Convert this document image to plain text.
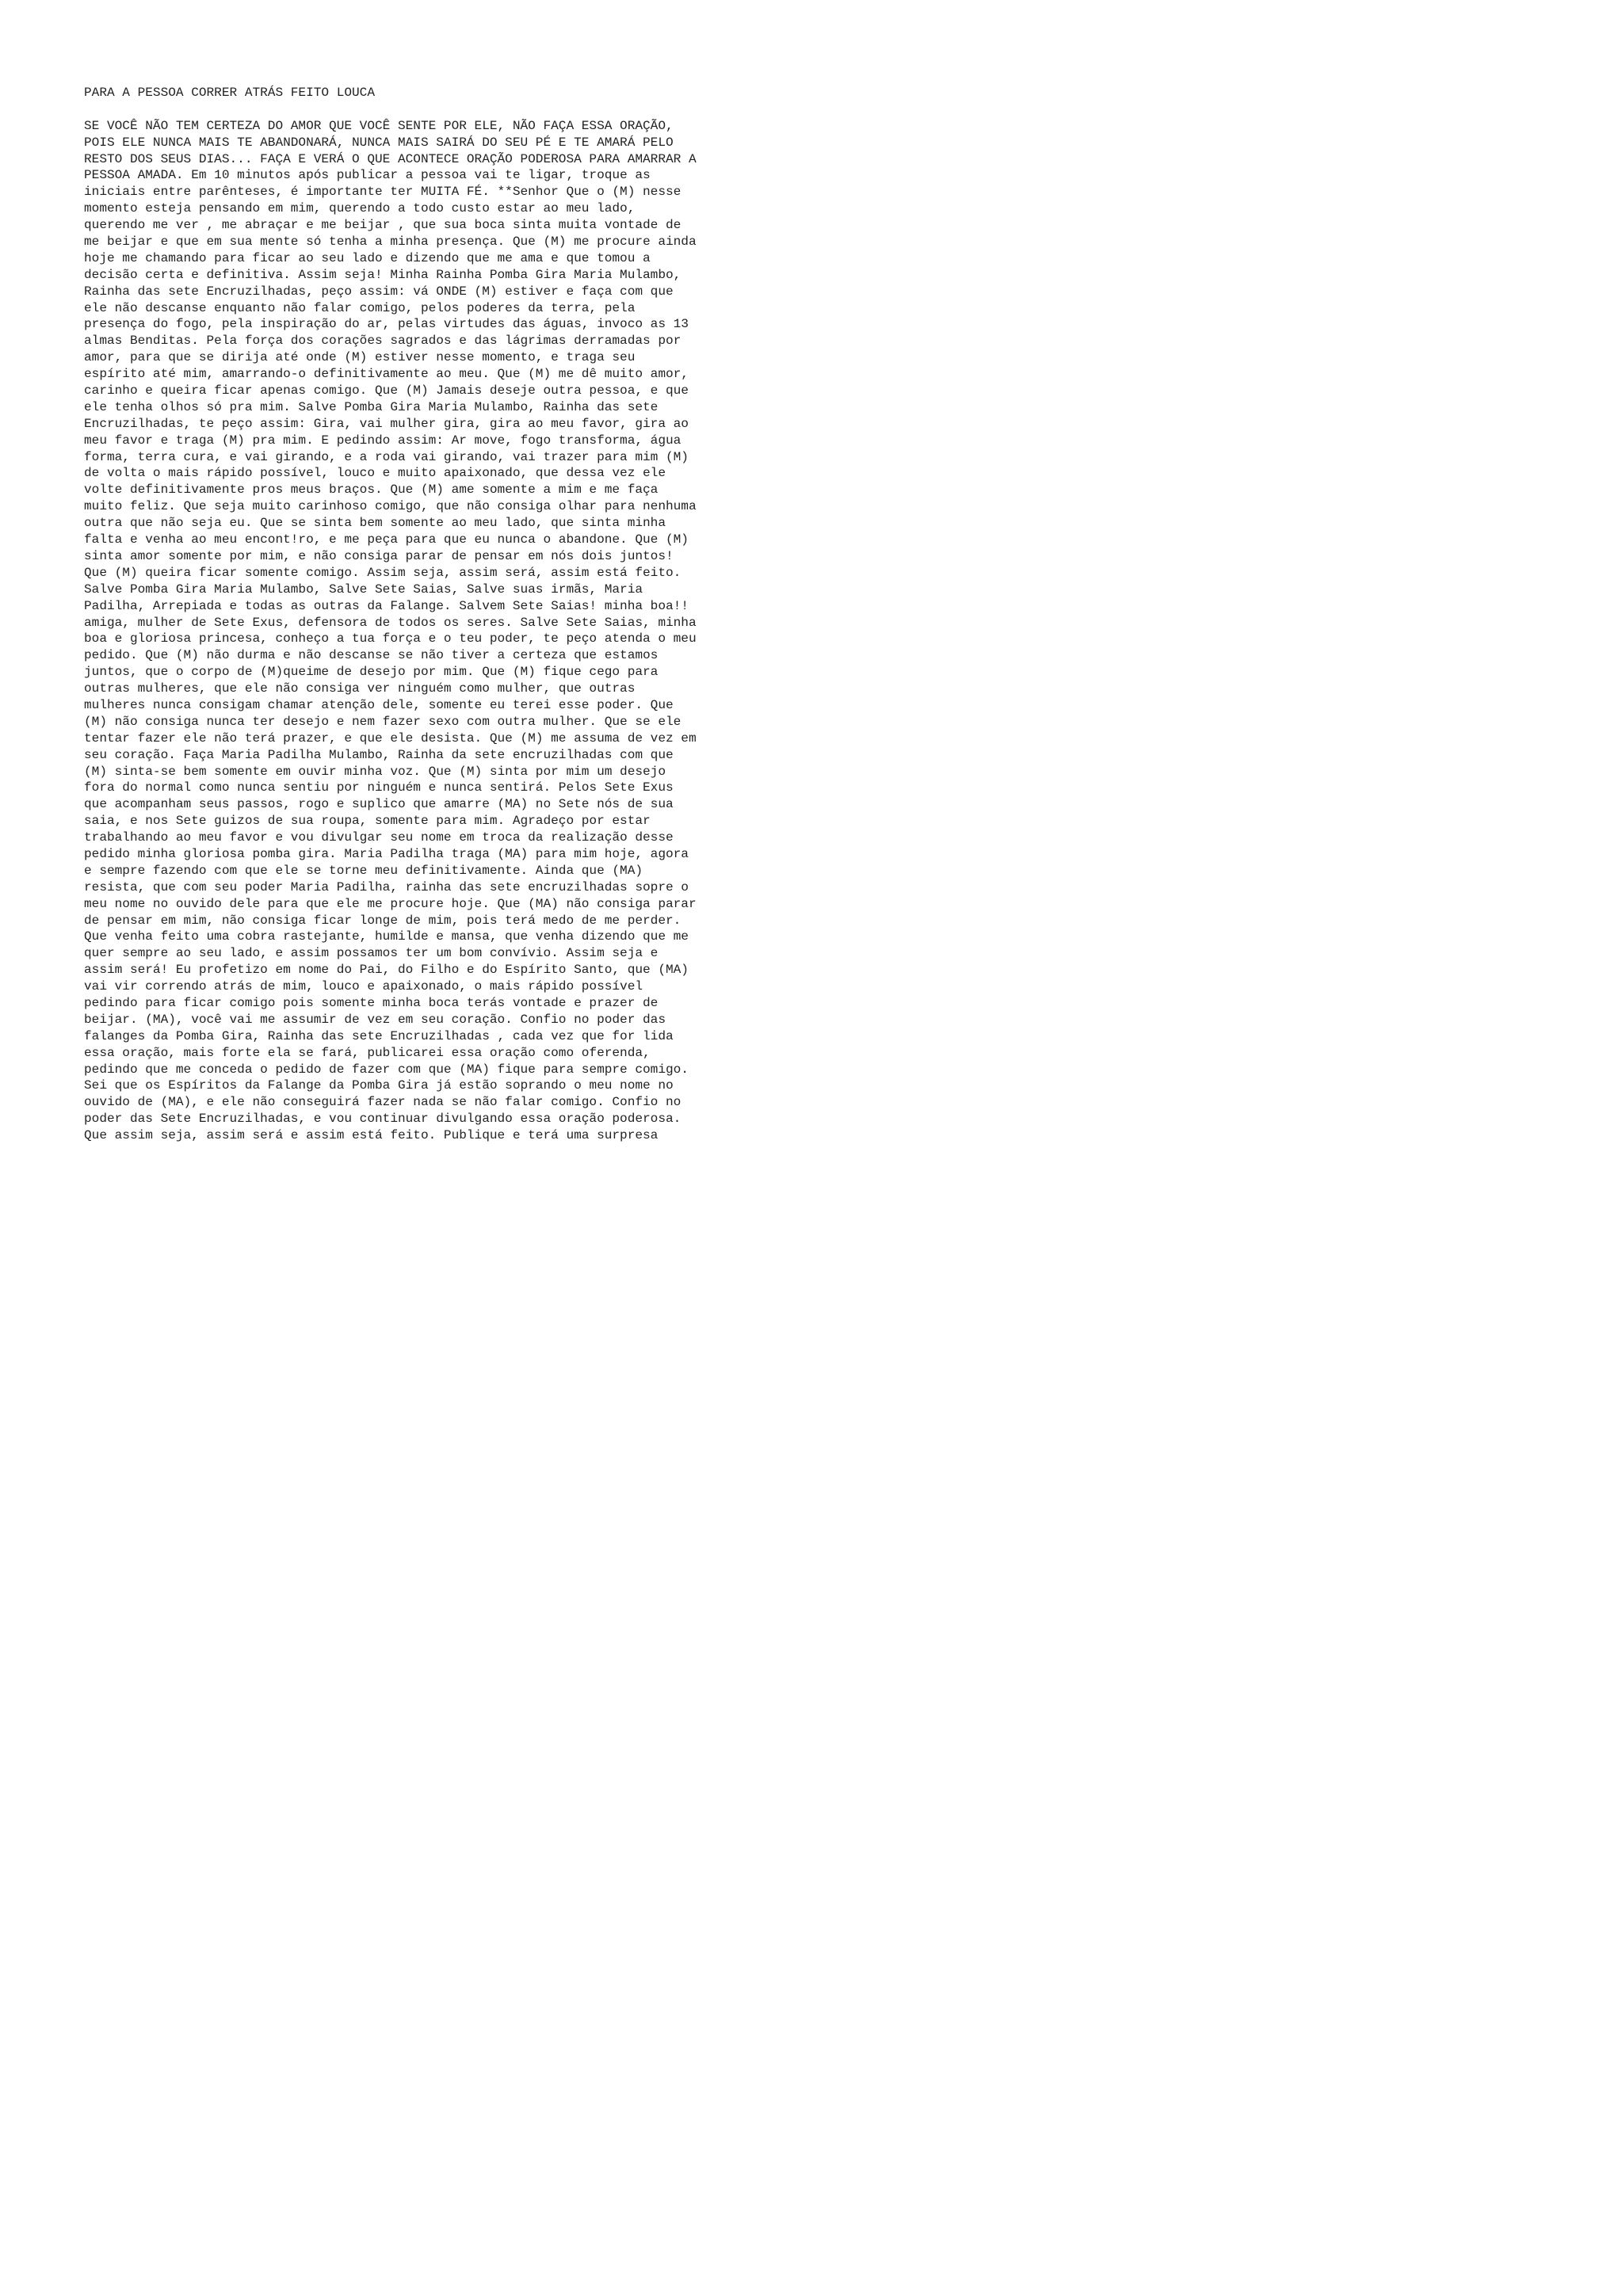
PARA A PESSOA CORRER ATRÁS FEITO LOUCA
SE VOCÊ NÃO TEM CERTEZA DO AMOR QUE VOCÊ SENTE POR ELE, NÃO FAÇA ESSA ORAÇÃO,
POIS ELE NUNCA MAIS TE ABANDONARÁ, NUNCA MAIS SAIRÁ DO SEU PÉ E TE AMARÁ PELO
RESTO DOS SEUS DIAS... FAÇA E VERÁ O QUE ACONTECE ORAÇÃO PODEROSA PARA AMARRAR A
PESSOA AMADA. Em 10 minutos após publicar a pessoa vai te ligar, troque as
iniciais entre parênteses, é importante ter MUITA FÉ. **Senhor Que o (M) nesse
momento esteja pensando em mim, querendo a todo custo estar ao meu lado,
querendo me ver , me abraçar e me beijar , que sua boca sinta muita vontade de
me beijar e que em sua mente só tenha a minha presença. Que (M) me procure ainda
hoje me chamando para ficar ao seu lado e dizendo que me ama e que tomou a
decisão certa e definitiva. Assim seja! Minha Rainha Pomba Gira Maria Mulambo,
Rainha das sete Encruzilhadas, peço assim: vá ONDE (M) estiver e faça com que
ele não descanse enquanto não falar comigo, pelos poderes da terra, pela
presença do fogo, pela inspiração do ar, pelas virtudes das águas, invoco as 13
almas Benditas. Pela força dos corações sagrados e das lágrimas derramadas por
amor, para que se dirija até onde (M) estiver nesse momento, e traga seu
espírito até mim, amarrando-o definitivamente ao meu. Que (M) me dê muito amor,
carinho e queira ficar apenas comigo. Que (M) Jamais deseje outra pessoa, e que
ele tenha olhos só pra mim. Salve Pomba Gira Maria Mulambo, Rainha das sete
Encruzilhadas, te peço assim: Gira, vai mulher gira, gira ao meu favor, gira ao
meu favor e traga (M) pra mim. E pedindo assim: Ar move, fogo transforma, água
forma, terra cura, e vai girando, e a roda vai girando, vai trazer para mim (M)
de volta o mais rápido possível, louco e muito apaixonado, que dessa vez ele
volte definitivamente pros meus braços. Que (M) ame somente a mim e me faça
muito feliz. Que seja muito carinhoso comigo, que não consiga olhar para nenhuma
outra que não seja eu. Que se sinta bem somente ao meu lado, que sinta minha
falta e venha ao meu encont!ro, e me peça para que eu nunca o abandone. Que (M)
sinta amor somente por mim, e não consiga parar de pensar em nós dois juntos!
Que (M) queira ficar somente comigo. Assim seja, assim será, assim está feito.
Salve Pomba Gira Maria Mulambo, Salve Sete Saias, Salve suas irmãs, Maria
Padilha, Arrepiada e todas as outras da Falange. Salvem Sete Saias! minha boa!!
amiga, mulher de Sete Exus, defensora de todos os seres. Salve Sete Saias, minha
boa e gloriosa princesa, conheço a tua força e o teu poder, te peço atenda o meu
pedido. Que (M) não durma e não descanse se não tiver a certeza que estamos
juntos, que o corpo de (M)queime de desejo por mim. Que (M) fique cego para
outras mulheres, que ele não consiga ver ninguém como mulher, que outras
mulheres nunca consigam chamar atenção dele, somente eu terei esse poder. Que
(M) não consiga nunca ter desejo e nem fazer sexo com outra mulher. Que se ele
tentar fazer ele não terá prazer, e que ele desista. Que (M) me assuma de vez em
seu coração. Faça Maria Padilha Mulambo, Rainha da sete encruzilhadas com que
(M) sinta-se bem somente em ouvir minha voz. Que (M) sinta por mim um desejo
fora do normal como nunca sentiu por ninguém e nunca sentirá. Pelos Sete Exus
que acompanham seus passos, rogo e suplico que amarre (MA) no Sete nós de sua
saia, e nos Sete guizos de sua roupa, somente para mim. Agradeço por estar
trabalhando ao meu favor e vou divulgar seu nome em troca da realização desse
pedido minha gloriosa pomba gira. Maria Padilha traga (MA) para mim hoje, agora
e sempre fazendo com que ele se torne meu definitivamente. Ainda que (MA)
resista, que com seu poder Maria Padilha, rainha das sete encruzilhadas sopre o
meu nome no ouvido dele para que ele me procure hoje. Que (MA) não consiga parar
de pensar em mim, não consiga ficar longe de mim, pois terá medo de me perder.
Que venha feito uma cobra rastejante, humilde e mansa, que venha dizendo que me
quer sempre ao seu lado, e assim possamos ter um bom convívio. Assim seja e
assim será! Eu profetizo em nome do Pai, do Filho e do Espírito Santo, que (MA)
vai vir correndo atrás de mim, louco e apaixonado, o mais rápido possível
pedindo para ficar comigo pois somente minha boca terás vontade e prazer de
beijar. (MA), você vai me assumir de vez em seu coração. Confio no poder das
falanges da Pomba Gira, Rainha das sete Encruzilhadas , cada vez que for lida
essa oração, mais forte ela se fará, publicarei essa oração como oferenda,
pedindo que me conceda o pedido de fazer com que (MA) fique para sempre comigo.
Sei que os Espíritos da Falange da Pomba Gira já estão soprando o meu nome no
ouvido de (MA), e ele não conseguirá fazer nada se não falar comigo. Confio no
poder das Sete Encruzilhadas, e vou continuar divulgando essa oração poderosa.
Que assim seja, assim será e assim está feito. Publique e terá uma surpresa
